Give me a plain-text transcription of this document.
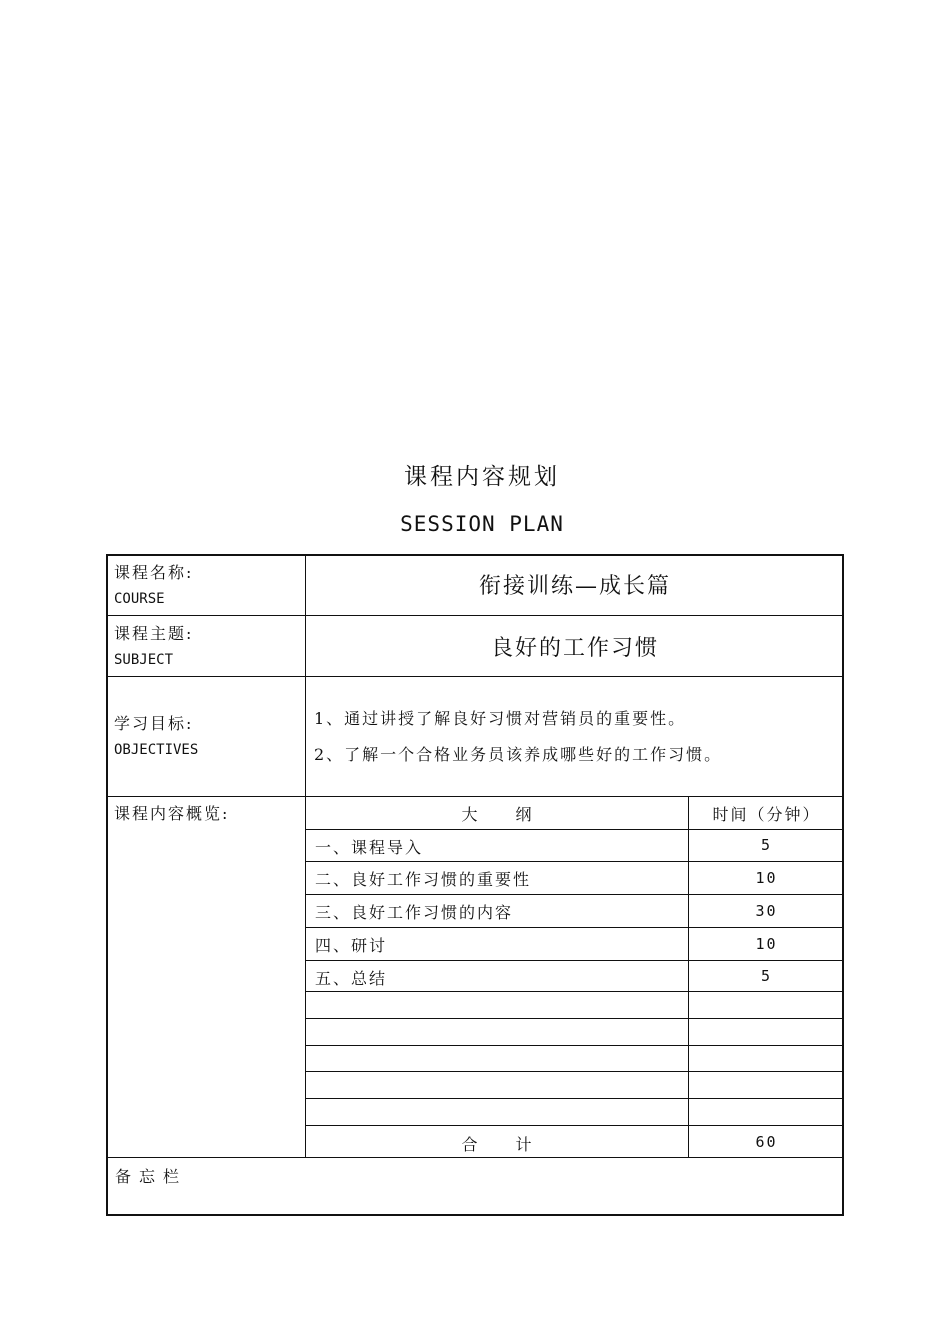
课程内容规划
SESSION PLAN
课程名称:
COURSE	衔接训练—成长篇
课程主题:
SUBJECT	良好的工作习惯
学习目标:
OBJECTIVES
1、通过讲授了解良好习惯对营销员的重要性。
2、了解一个合格业务员该养成哪些好的工作习惯。
课程内容概览:	大　　纲	时间（分钟）
一、课程导入	5
二、良好工作习惯的重要性	10
三、良好工作习惯的内容	30
四、研讨	10
五、总结	5
合　　计	60
备忘栏
